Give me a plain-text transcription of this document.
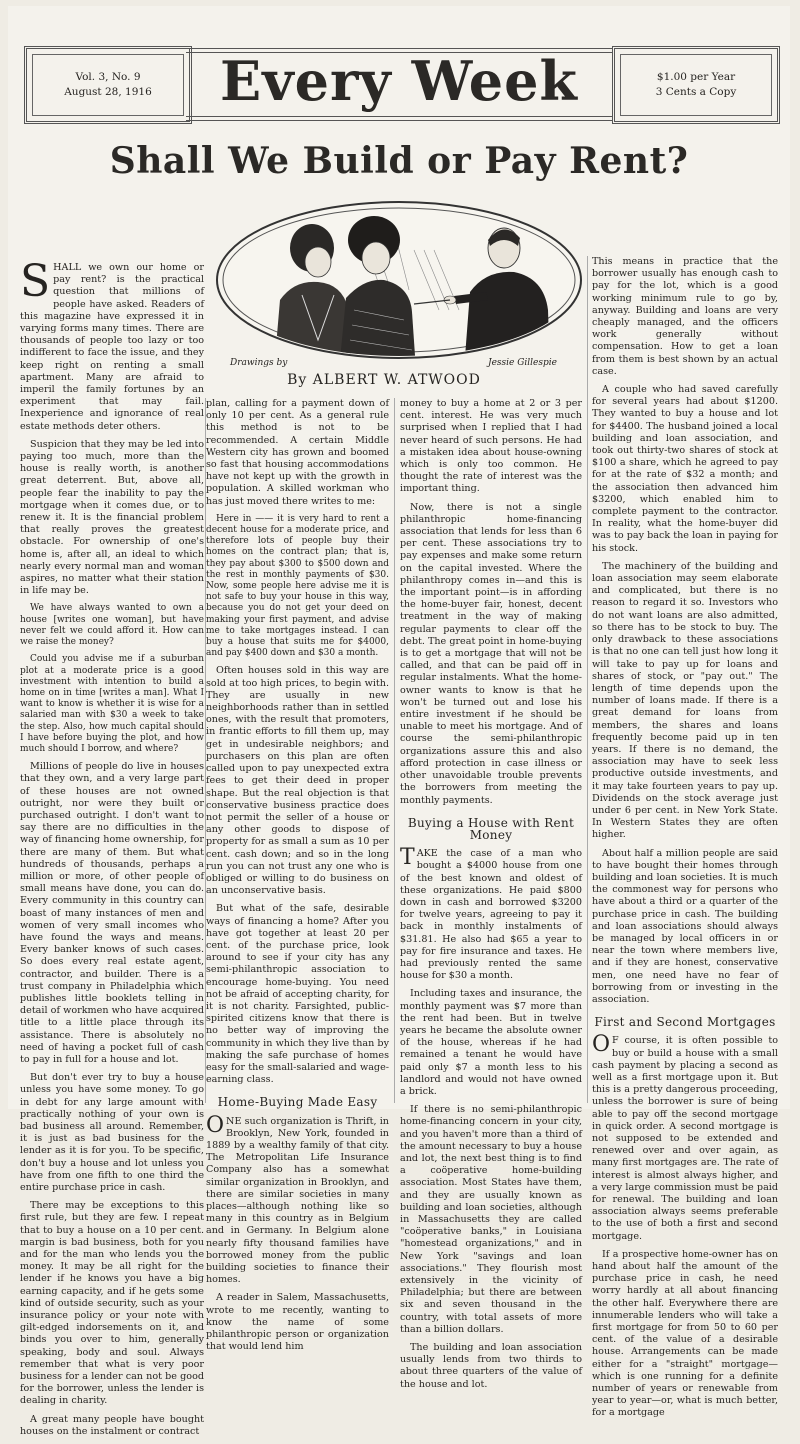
Vol. 3, No. 9
August 28, 1916	Every Week	$1.00 per Year
3 Cents a Copy
Shall We Build or Pay Rent?
Drawings by	Jessie Gillespie
By ALBERT W. ATWOOD

SHALL we own our home or pay rent? is the practical question that millions of people have asked. Readers of this magazine have expressed it in varying forms many times. There are thousands of people too lazy or too indifferent to face the issue, and they keep right on renting a small apartment. Many are afraid to imperil the family fortunes by an experiment that may fail. Inexperience and ignorance of real estate methods deter others.

Suspicion that they may be led into paying too much, more than the house is really worth, is another great deterrent. But, above all, people fear the inability to pay the mortgage when it comes due, or to renew it. It is the financial problem that really proves the greatest obstacle. For ownership of one's home is, after all, an ideal to which nearly every normal man and woman aspires, no matter what their station in life may be.

We have always wanted to own a house [writes one woman], but have never felt we could afford it. How can we raise the money?

Could you advise me if a suburban plot at a moderate price is a good investment with intention to build a home on in time [writes a man]. What I want to know is whether it is wise for a salaried man with $30 a week to take the step. Also, how much capital should I have before buying the plot, and how much should I borrow, and where?

Millions of people do live in houses that they own, and a very large part of these houses are not owned outright, nor were they built or purchased outright. I don't want to say there are no difficulties in the way of financing home ownership, for there are many of them. But what hundreds of thousands, perhaps a million or more, of other people of small means have done, you can do. Every community in this country can boast of many instances of men and women of very small incomes who have found the ways and means. Every banker knows of such cases. So does every real estate agent, contractor, and builder. There is a trust company in Philadelphia which publishes little booklets telling in detail of workmen who have acquired title to a little place through its assistance. There is absolutely no need of having a pocket full of cash to pay in full for a house and lot.

But don't ever try to buy a house unless you have some money. To go in debt for any large amount with practically nothing of your own is bad business all around. Remember, it is just as bad business for the lender as it is for you. To be specific, don't buy a house and lot unless you have from one fifth to one third the entire purchase price in cash.

There may be exceptions to this first rule, but they are few. I repeat that to buy a house on a 10 per cent. margin is bad business, both for you and for the man who lends you the money. It may be all right for the lender if he knows you have a big earning capacity, and if he gets some kind of outside security, such as your insurance policy or your note with gilt-edged indorsements on it, and binds you over to him, generally speaking, body and soul. Always remember that what is very poor business for a lender can not be good for the borrower, unless the lender is dealing in charity.

A great many people have bought houses on the instalment or contract

plan, calling for a payment down of only 10 per cent. As a general rule this method is not to be recommended. A certain Middle Western city has grown and boomed so fast that housing accommodations have not kept up with the growth in population. A skilled workman who has just moved there writes to me:

Here in —— it is very hard to rent a decent house for a moderate price, and therefore lots of people buy their homes on the contract plan; that is, they pay about $300 to $500 down and the rest in monthly payments of $30. Now, some people here advise me it is not safe to buy your house in this way, because you do not get your deed on making your first payment, and advise me to take mortgages instead. I can buy a house that suits me for $4000, and pay $400 down and $30 a month.

Often houses sold in this way are sold at too high prices, to begin with. They are usually in new neighborhoods rather than in settled ones, with the result that promoters, in frantic efforts to fill them up, may get in undesirable neighbors; and purchasers on this plan are often called upon to pay unexpected extra fees to get their deed in proper shape. But the real objection is that conservative business practice does not permit the seller of a house or any other goods to dispose of property for as small a sum as 10 per cent. cash down; and so in the long run you can not trust any one who is obliged or willing to do business on an unconservative basis.

But what of the safe, desirable ways of financing a home? After you have got together at least 20 per cent. of the purchase price, look around to see if your city has any semi-philanthropic association to encourage home-buying. You need not be afraid of accepting charity, for it is not charity. Farsighted, public-spirited citizens know that there is no better way of improving the community in which they live than by making the safe purchase of homes easy for the small-salaried and wage-earning class.

Home-Buying Made Easy

ONE such organization is Thrift, in Brooklyn, New York, founded in 1889 by a wealthy family of that city. The Metropolitan Life Insurance Company also has a somewhat similar organization in Brooklyn, and there are similar societies in many places—although nothing like so many in this country as in Belgium and in Germany. In Belgium alone nearly fifty thousand families have borrowed money from the public building societies to finance their homes.

A reader in Salem, Massachusetts, wrote to me recently, wanting to know the name of some philanthropic person or organization that would lend him

money to buy a home at 2 or 3 per cent. interest. He was very much surprised when I replied that I had never heard of such persons. He had a mistaken idea about house-owning which is only too common. He thought the rate of interest was the important thing.

Now, there is not a single philanthropic home-financing association that lends for less than 6 per cent. These associations try to pay expenses and make some return on the capital invested. Where the philanthropy comes in—and this is the important point—is in affording the home-buyer fair, honest, decent treatment in the way of making regular payments to clear off the debt. The great point in home-buying is to get a mortgage that will not be called, and that can be paid off in regular instalments. What the home-owner wants to know is that he won't be turned out and lose his entire investment if he should be unable to meet his mortgage. And of course the semi-philanthropic organizations assure this and also afford protection in case illness or other unavoidable trouble prevents the borrowers from meeting the monthly payments.

Buying a House with Rent Money

TAKE the case of a man who bought a $4000 house from one of the best known and oldest of these organizations. He paid $800 down in cash and borrowed $3200 for twelve years, agreeing to pay it back in monthly instalments of $31.81. He also had $65 a year to pay for fire insurance and taxes. He had previously rented the same house for $30 a month.

Including taxes and insurance, the monthly payment was $7 more than the rent had been. But in twelve years he became the absolute owner of the house, whereas if he had remained a tenant he would have paid only $7 a month less to his landlord and would not have owned a brick.

If there is no semi-philanthropic home-financing concern in your city, and you haven't more than a third of the amount necessary to buy a house and lot, the next best thing is to find a coöperative home-building association. Most States have them, and they are usually known as building and loan societies, although in Massachusetts they are called "coöperative banks," in Louisiana "homestead organizations," and in New York "savings and loan associations." They flourish most extensively in the vicinity of Philadelphia; but there are between six and seven thousand in the country, with total assets of more than a billion dollars.

The building and loan association usually lends from two thirds to about three quarters of the value of the house and lot.

This means in practice that the borrower usually has enough cash to pay for the lot, which is a good working minimum rule to go by, anyway. Building and loans are very cheaply managed, and the officers work generally without compensation. How to get a loan from them is best shown by an actual case.

A couple who had saved carefully for several years had about $1200. They wanted to buy a house and lot for $4400. The husband joined a local building and loan association, and took out thirty-two shares of stock at $100 a share, which he agreed to pay for at the rate of $32 a month; and the association then advanced him $3200, which enabled him to complete payment to the contractor. In reality, what the home-buyer did was to pay back the loan in paying for his stock.

The machinery of the building and loan association may seem elaborate and complicated, but there is no reason to regard it so. Investors who do not want loans are also admitted, so there has to be stock to buy. The only drawback to these associations is that no one can tell just how long it will take to pay up for loans and shares of stock, or "pay out." The length of time depends upon the number of loans made. If there is a great demand for loans from members, the shares and loans frequently become paid up in ten years. If there is no demand, the association may have to seek less productive outside investments, and it may take fourteen years to pay up. Dividends on the stock average just under 6 per cent. in New York State. In Western States they are often higher.

About half a million people are said to have bought their homes through building and loan societies. It is much the commonest way for persons who have about a third or a quarter of the purchase price in cash. The building and loan associations should always be managed by local officers in or near the town where members live, and if they are honest, conservative men, one need have no fear of borrowing from or investing in the association.

First and Second Mortgages

O F course, it is often possible to buy or build a house with a small cash payment by placing a second as well as a first mortgage upon it. But this is a pretty dangerous proceeding, unless the borrower is sure of being able to pay off the second mortgage in quick order. A second mortgage is not supposed to be extended and renewed over and over again, as many first mortgages are. The rate of interest is almost always higher, and a very large commission must be paid for renewal. The building and loan association always seems preferable to the use of both a first and second mortgage.

If a prospective home-owner has on hand about half the amount of the purchase price in cash, he need worry hardly at all about financing the other half. Everywhere there are innumerable lenders who will take a first mortgage for from 50 to 60 per cent. of the value of a desirable house. Arrangements can be made either for a "straight" mortgage—which is one running for a definite number of years or renewable from year to year—or, what is much better, for a mortgage
